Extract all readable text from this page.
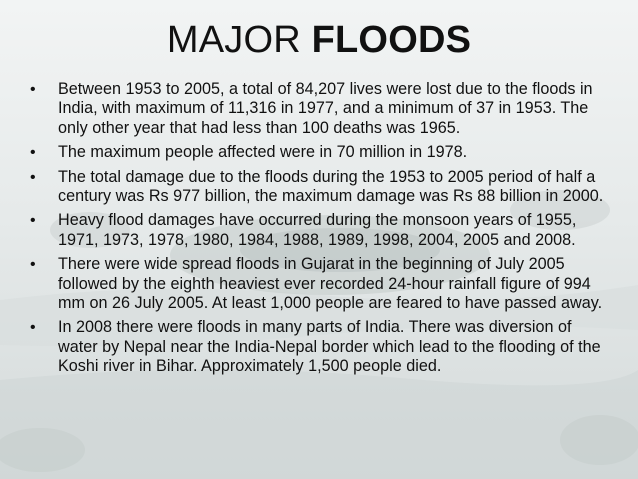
MAJOR FLOODS
• Between 1953 to 2005, a total of 84,207 lives were lost due to the floods in India, with maximum of 11,316 in 1977, and a minimum of 37 in 1953. The only other year that had less than 100 deaths was 1965.
• The maximum people affected were in 70 million in 1978.
• The total damage due to the floods during the 1953 to 2005 period of half a century was Rs 977 billion, the maximum damage was Rs 88 billion in 2000.
• Heavy flood damages have occurred during the monsoon years of 1955, 1971, 1973, 1978, 1980, 1984, 1988, 1989, 1998, 2004, 2005 and 2008.
• There were wide spread floods in Gujarat in the beginning of July 2005 followed by the eighth heaviest ever recorded 24-hour rainfall figure of 994 mm on 26 July 2005. At least 1,000 people are feared to have passed away.
• In 2008 there were floods in many parts of India. There was diversion of water by Nepal near the India-Nepal border which lead to the flooding of the Koshi river in Bihar. Approximately 1,500 people died.
